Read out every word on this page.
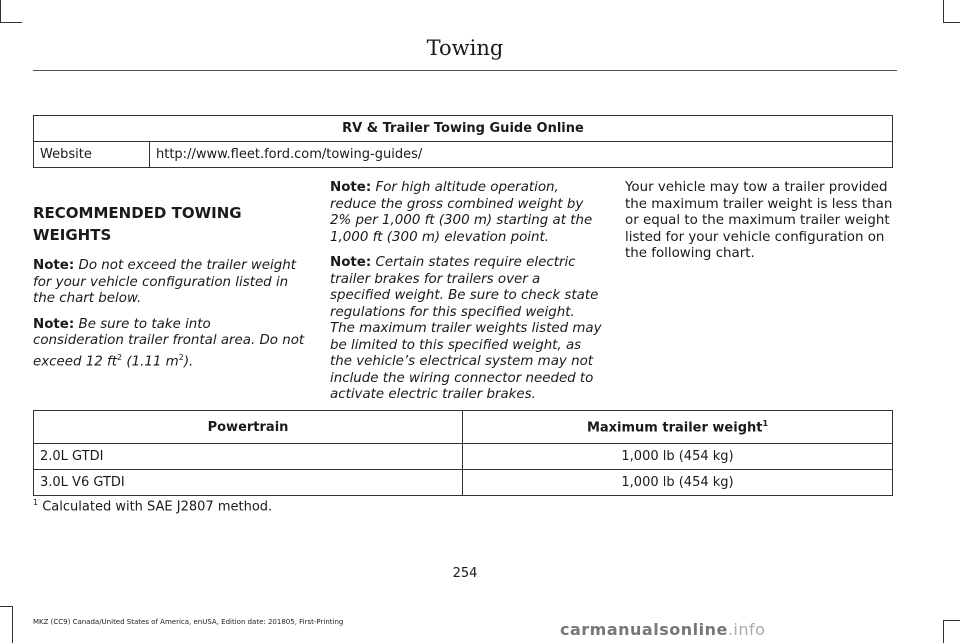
Towing
RV & Trailer Towing Guide Online
Website	http://www.fleet.ford.com/towing-guides/
RECOMMENDED TOWING
WEIGHTS

Note: Do not exceed the trailer weight for your vehicle configuration listed in the chart below.

Note: Be sure to take into consideration trailer frontal area. Do not exceed 12 $ft^2$ (1.11 $m^2$).

Note: For high altitude operation, reduce the gross combined weight by 2% per 1,000 ft (300 m) starting at the 1,000 ft (300 m) elevation point.

Note: Certain states require electric trailer brakes for trailers over a specified weight. Be sure to check state regulations for this specified weight. The maximum trailer weights listed may be limited to this specified weight, as the vehicle’s electrical system may not include the wiring connector needed to activate electric trailer brakes.

Your vehicle may tow a trailer provided the maximum trailer weight is less than or equal to the maximum trailer weight listed for your vehicle configuration on the following chart.

Powertrain	Maximum trailer weight$^1$
2.0L GTDI	1,000 lb (454 kg)
3.0L V6 GTDI	1,000 lb (454 kg)
$^1$ Calculated with SAE J2807 method.
254
MKZ (CC9) Canada/United States of America, enUSA, Edition date: 201805, First-Printing	carmanualsonline.info
